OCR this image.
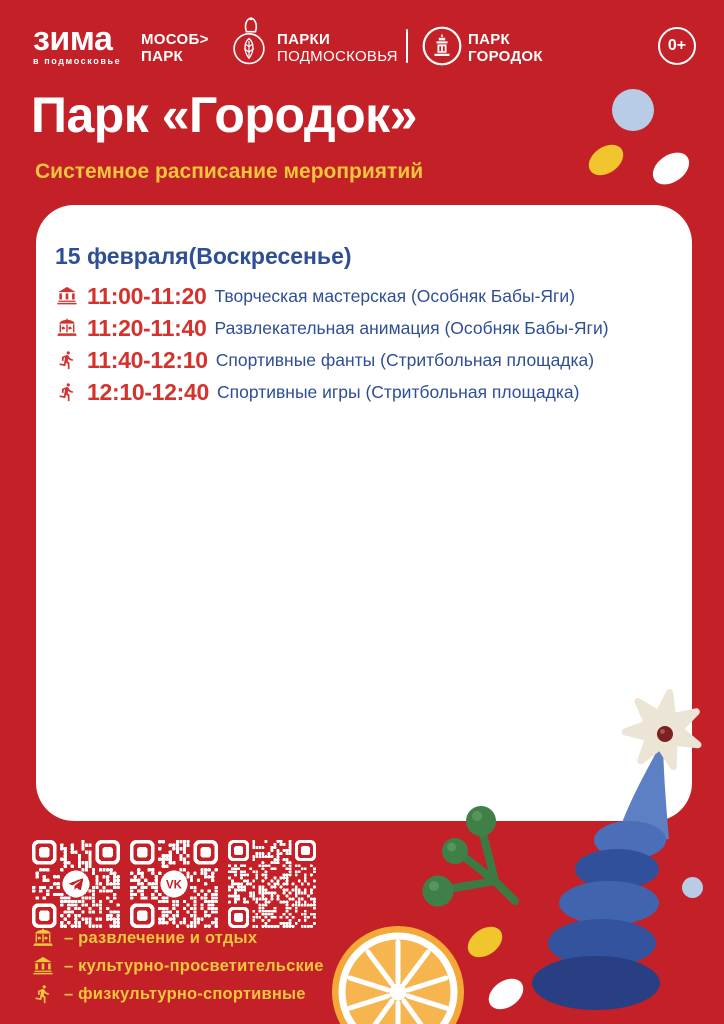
зима
в подмосковье
МОСОБ>
ПАРК
ПАРКИ
ПОДМОСКОВЬЯ
ПАРК
ГОРОДОК
0+
Парк «Городок»
Системное расписание мероприятий
15 февраля(Воскресенье)
11:00-11:20 Творческая мастерская (Особняк Бабы-Яги)
11:20-11:40 Развлекательная анимация (Особняк Бабы-Яги)
11:40-12:10 Спортивные фанты (Стритбольная площадка)
12:10-12:40 Спортивные игры (Стритбольная площадка)
VK
– развлечение и отдых
– культурно-просветительские
– физкультурно-спортивные
